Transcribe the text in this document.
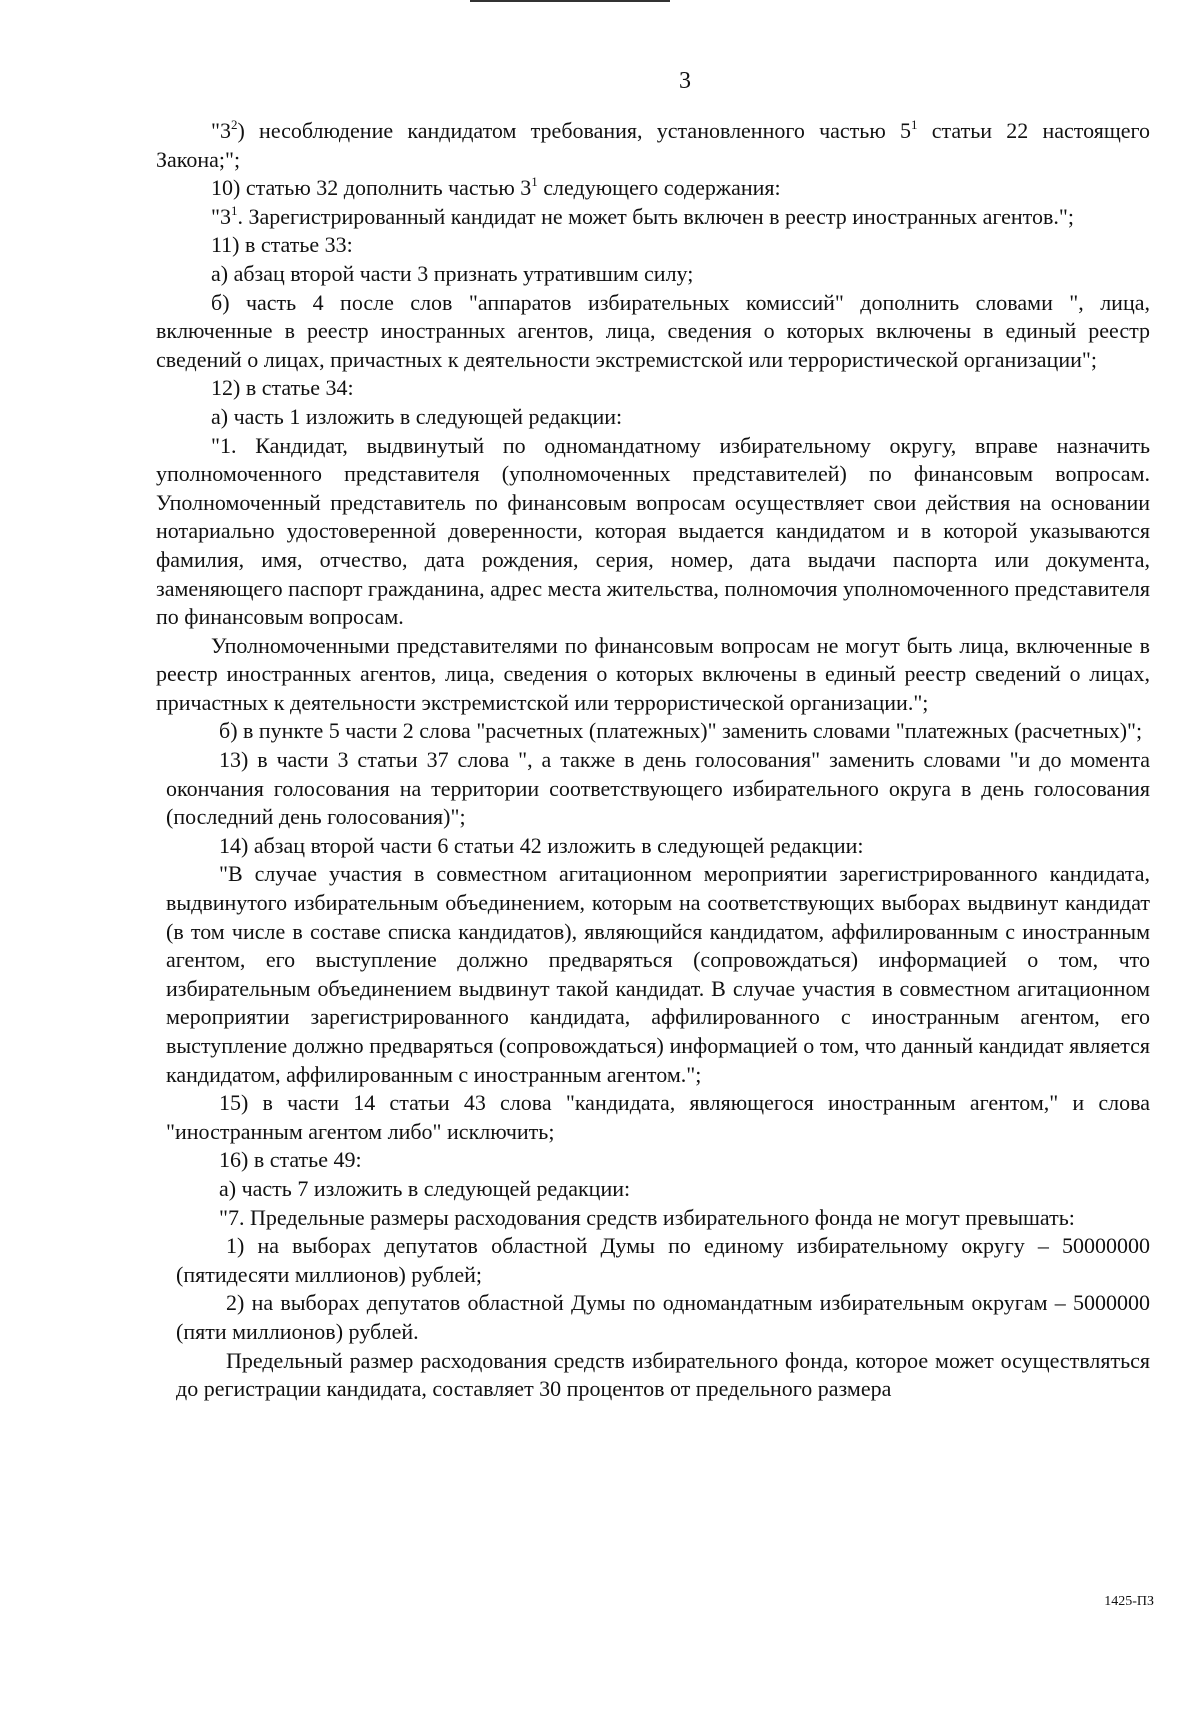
3

"$3^2$) несоблюдение кандидатом требования, установленного частью $5^1$ статьи 22 настоящего Закона;";

10) статью 32 дополнить частью $3^1$ следующего содержания:

"$3^1$. Зарегистрированный кандидат не может быть включен в реестр иностранных агентов.";

11) в статье 33:

а) абзац второй части 3 признать утратившим силу;

б) часть 4 после слов "аппаратов избирательных комиссий" дополнить словами ", лица, включенные в реестр иностранных агентов, лица, сведения о которых включены в единый реестр сведений о лицах, причастных к деятельности экстремистской или террористической организации";

12) в статье 34:

а) часть 1 изложить в следующей редакции:

"1. Кандидат, выдвинутый по одномандатному избирательному округу, вправе назначить уполномоченного представителя (уполномоченных представителей) по финансовым вопросам. Уполномоченный представитель по финансовым вопросам осуществляет свои действия на основании нотариально удостоверенной доверенности, которая выдается кандидатом и в которой указываются фамилия, имя, отчество, дата рождения, серия, номер, дата выдачи паспорта или документа, заменяющего паспорт гражданина, адрес места жительства, полномочия уполномоченного представителя по финансовым вопросам.

Уполномоченными представителями по финансовым вопросам не могут быть лица, включенные в реестр иностранных агентов, лица, сведения о которых включены в единый реестр сведений о лицах, причастных к деятельности экстремистской или террористической организации.";

б) в пункте 5 части 2 слова "расчетных (платежных)" заменить словами "платежных (расчетных)";

13) в части 3 статьи 37 слова ", а также в день голосования" заменить словами "и до момента окончания голосования на территории соответствующего избирательного округа в день голосования (последний день голосования)";

14) абзац второй части 6 статьи 42 изложить в следующей редакции:

"В случае участия в совместном агитационном мероприятии зарегистрированного кандидата, выдвинутого избирательным объединением, которым на соответствующих выборах выдвинут кандидат (в том числе в составе списка кандидатов), являющийся кандидатом, аффилированным с иностранным агентом, его выступление должно предваряться (сопровождаться) информацией о том, что избирательным объединением выдвинут такой кандидат. В случае участия в совместном агитационном мероприятии зарегистрированного кандидата, аффилированного с иностранным агентом, его выступление должно предваряться (сопровождаться) информацией о том, что данный кандидат является кандидатом, аффилированным с иностранным агентом.";

15) в части 14 статьи 43 слова "кандидата, являющегося иностранным агентом," и слова "иностранным агентом либо" исключить;

16) в статье 49:

а) часть 7 изложить в следующей редакции:

"7. Предельные размеры расходования средств избирательного фонда не могут превышать:

1) на выборах депутатов областной Думы по единому избирательному округу – 50000000 (пятидесяти миллионов) рублей;

2) на выборах депутатов областной Думы по одномандатным избирательным округам – 5000000 (пяти миллионов) рублей.

Предельный размер расходования средств избирательного фонда, которое может осуществляться до регистрации кандидата, составляет 30 процентов от предельного размера

1425-ПЗ
